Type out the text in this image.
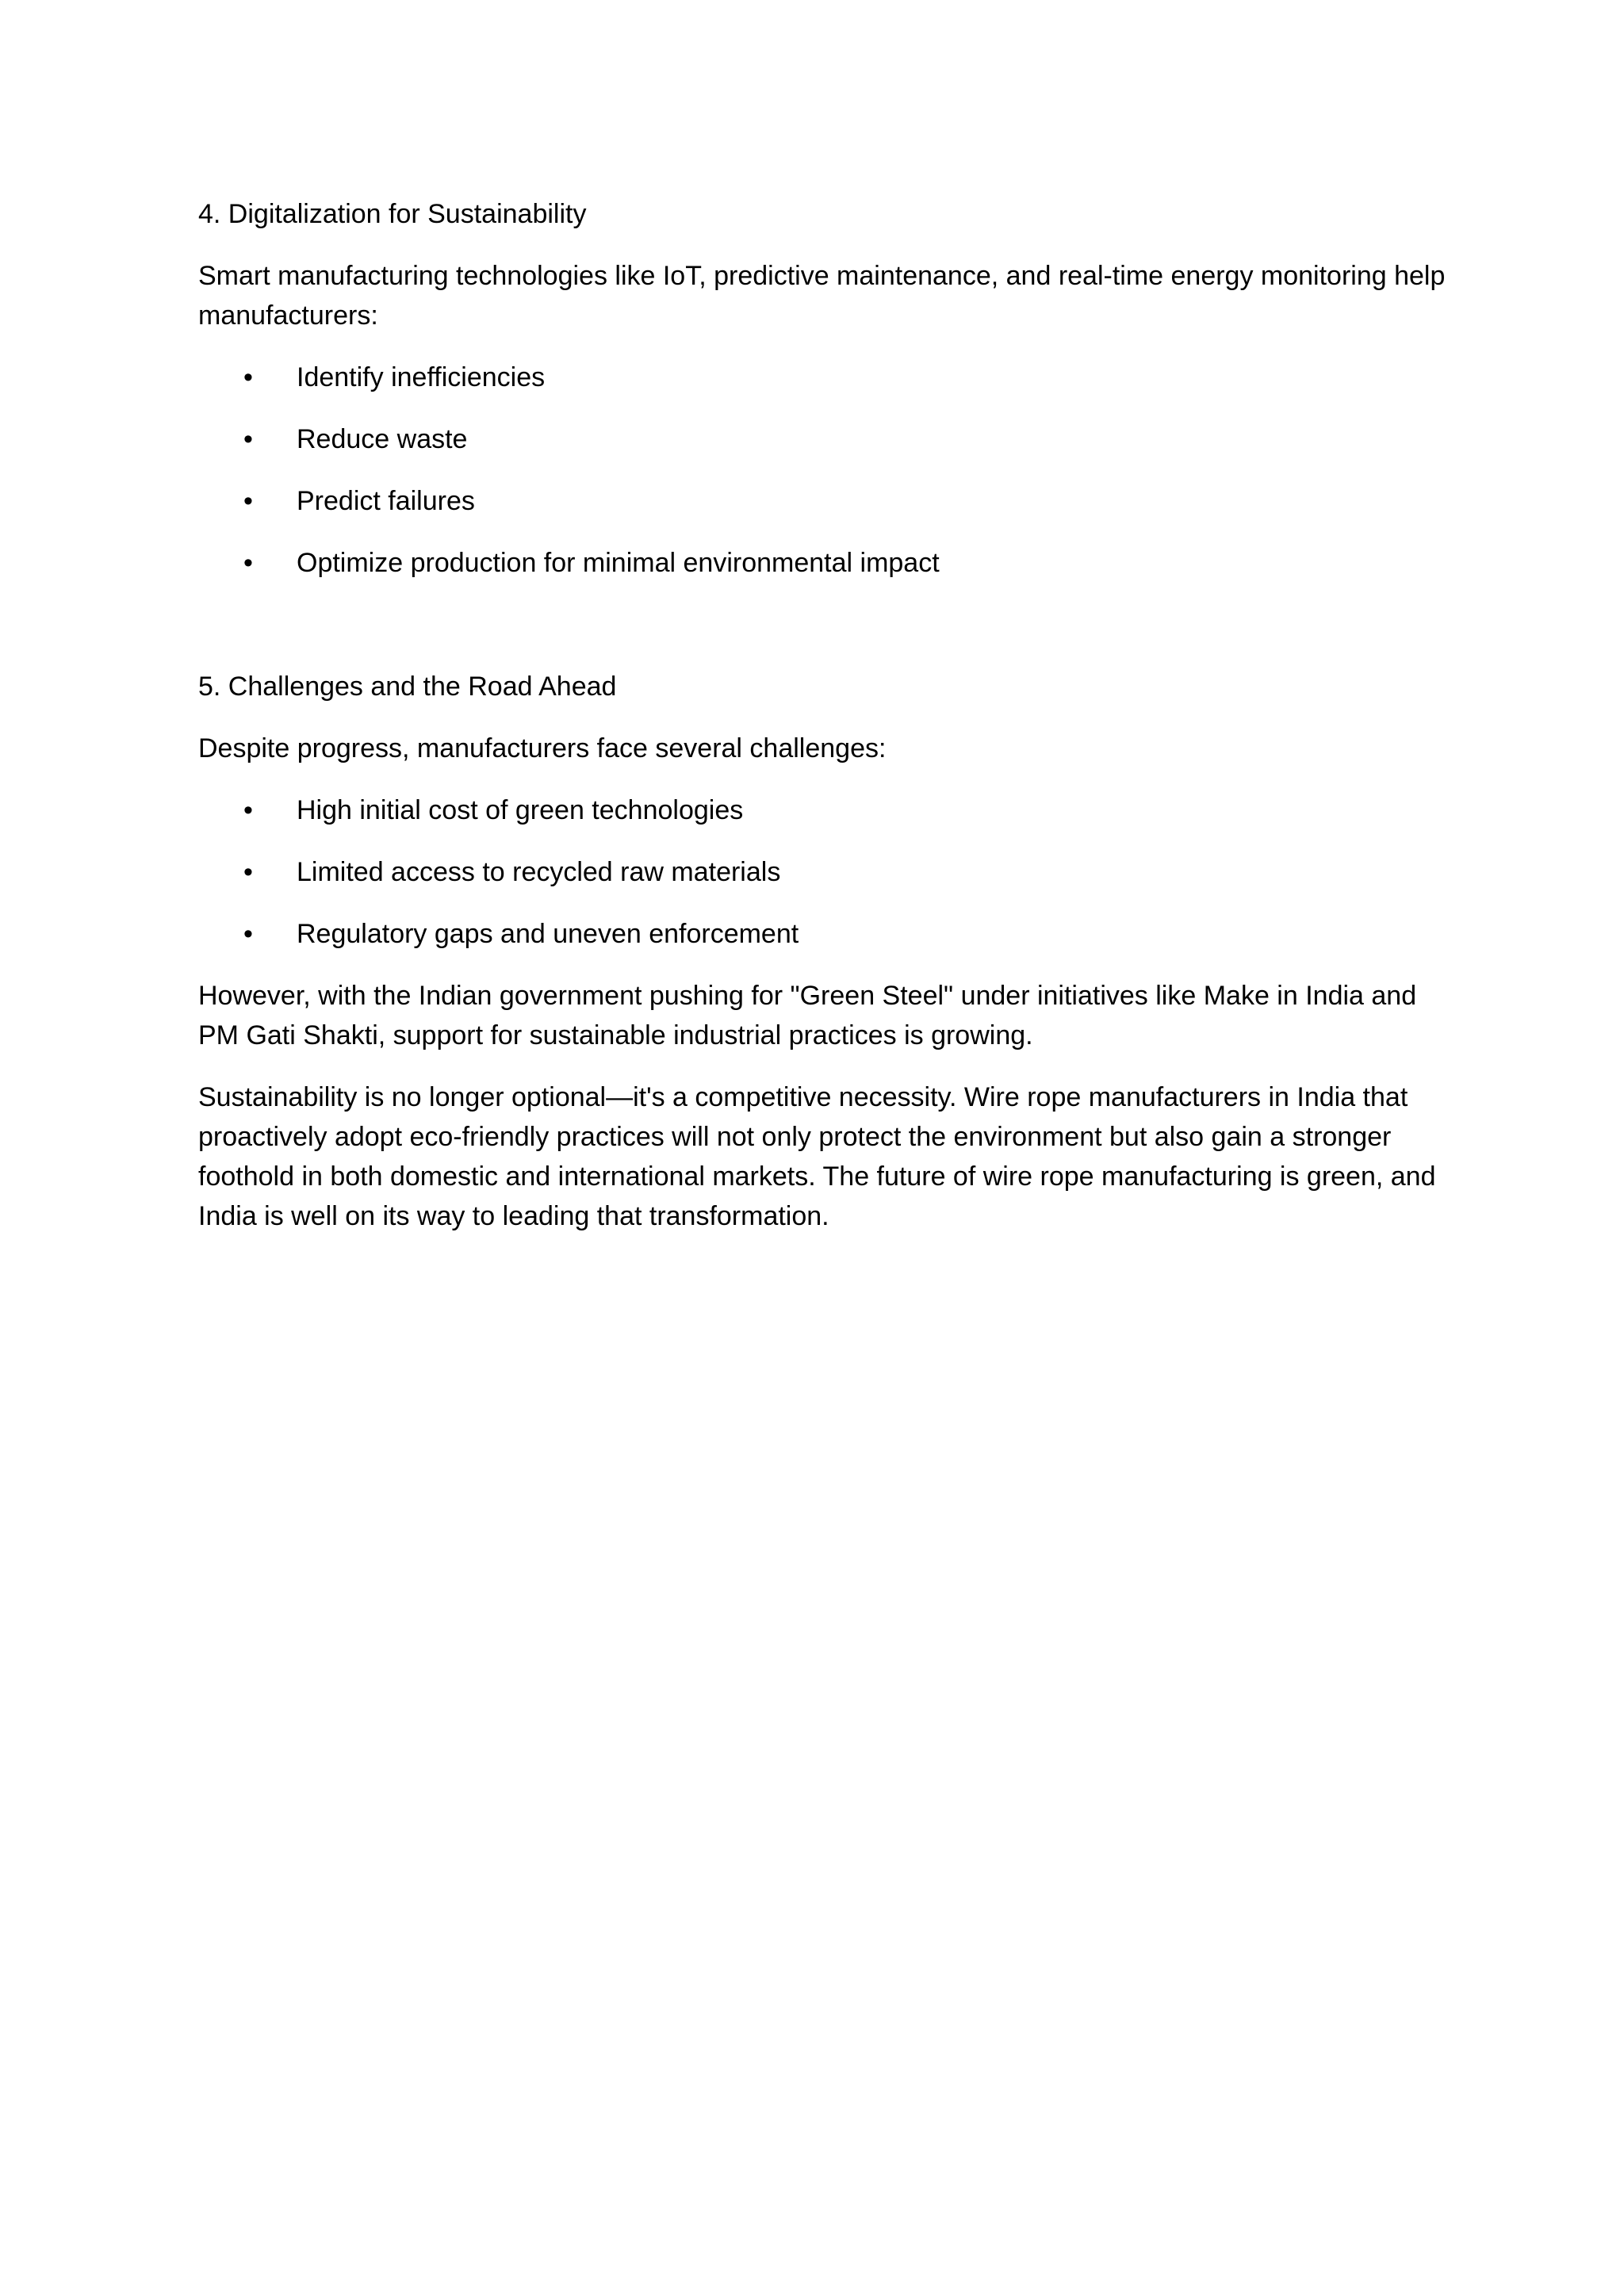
4. Digitalization for Sustainability

Smart manufacturing technologies like IoT, predictive maintenance, and real-time energy monitoring help manufacturers:

• Identify inefficiencies
• Reduce waste
• Predict failures
• Optimize production for minimal environmental impact

5. Challenges and the Road Ahead

Despite progress, manufacturers face several challenges:

• High initial cost of green technologies
• Limited access to recycled raw materials
• Regulatory gaps and uneven enforcement

However, with the Indian government pushing for "Green Steel" under initiatives like Make in India and PM Gati Shakti, support for sustainable industrial practices is growing.

Sustainability is no longer optional—it's a competitive necessity. Wire rope manufacturers in India that proactively adopt eco-friendly practices will not only protect the environment but also gain a stronger foothold in both domestic and international markets. The future of wire rope manufacturing is green, and India is well on its way to leading that transformation.
